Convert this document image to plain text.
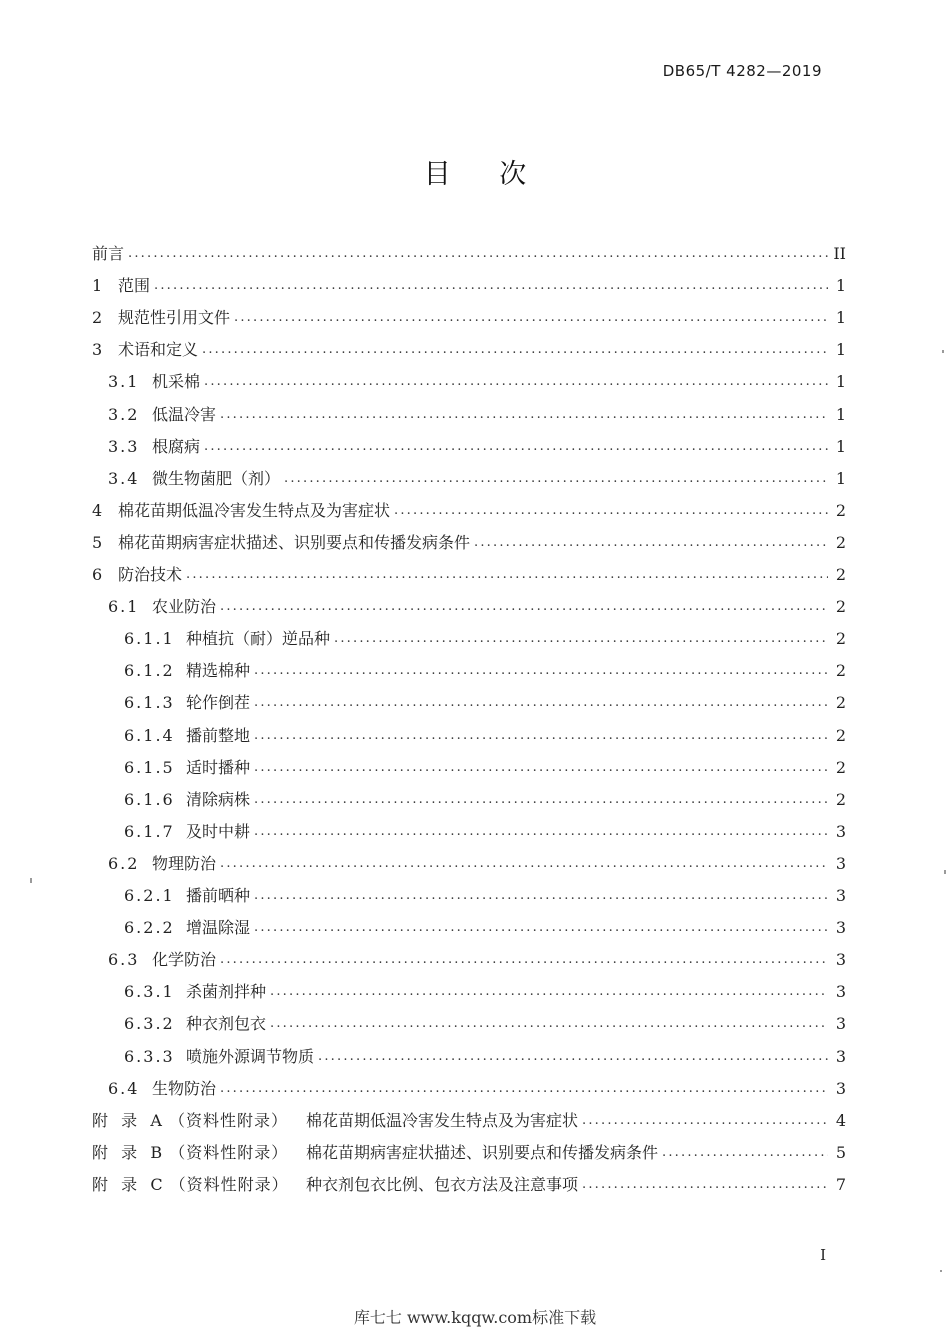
DB65/T 4282—2019
目 次
前言 .....	II
1 范围 .....	1
2 规范性引用文件 .....	1
3 术语和定义 .....	1
3.1 机采棉 .....	1
3.2 低温冷害 .....	1
3.3 根腐病 .....	1
3.4 微生物菌肥（剂） .....	1
4 棉花苗期低温冷害发生特点及为害症状 .....	2
5 棉花苗期病害症状描述、识别要点和传播发病条件 .....	2
6 防治技术 .....	2
6.1 农业防治 .....	2
6.1.1 种植抗（耐）逆品种 .....	2
6.1.2 精选棉种 .....	2
6.1.3 轮作倒茬 .....	2
6.1.4 播前整地 .....	2
6.1.5 适时播种 .....	2
6.1.6 清除病株 .....	2
6.1.7 及时中耕 .....	3
6.2 物理防治 .....	3
6.2.1 播前晒种 .....	3
6.2.2 增温除湿 .....	3
6.3 化学防治 .....	3
6.3.1 杀菌剂拌种 .....	3
6.3.2 种衣剂包衣 .....	3
6.3.3 喷施外源调节物质 .....	3
6.4 生物防治 .....	3
附  录  A （资料性附录）	棉花苗期低温冷害发生特点及为害症状 .....	4
附  录  B （资料性附录）	棉花苗期病害症状描述、识别要点和传播发病条件 .....	5
附  录  C （资料性附录）	种衣剂包衣比例、包衣方法及注意事项 .....	7
I
库七七 www.kqqw.com标准下载
